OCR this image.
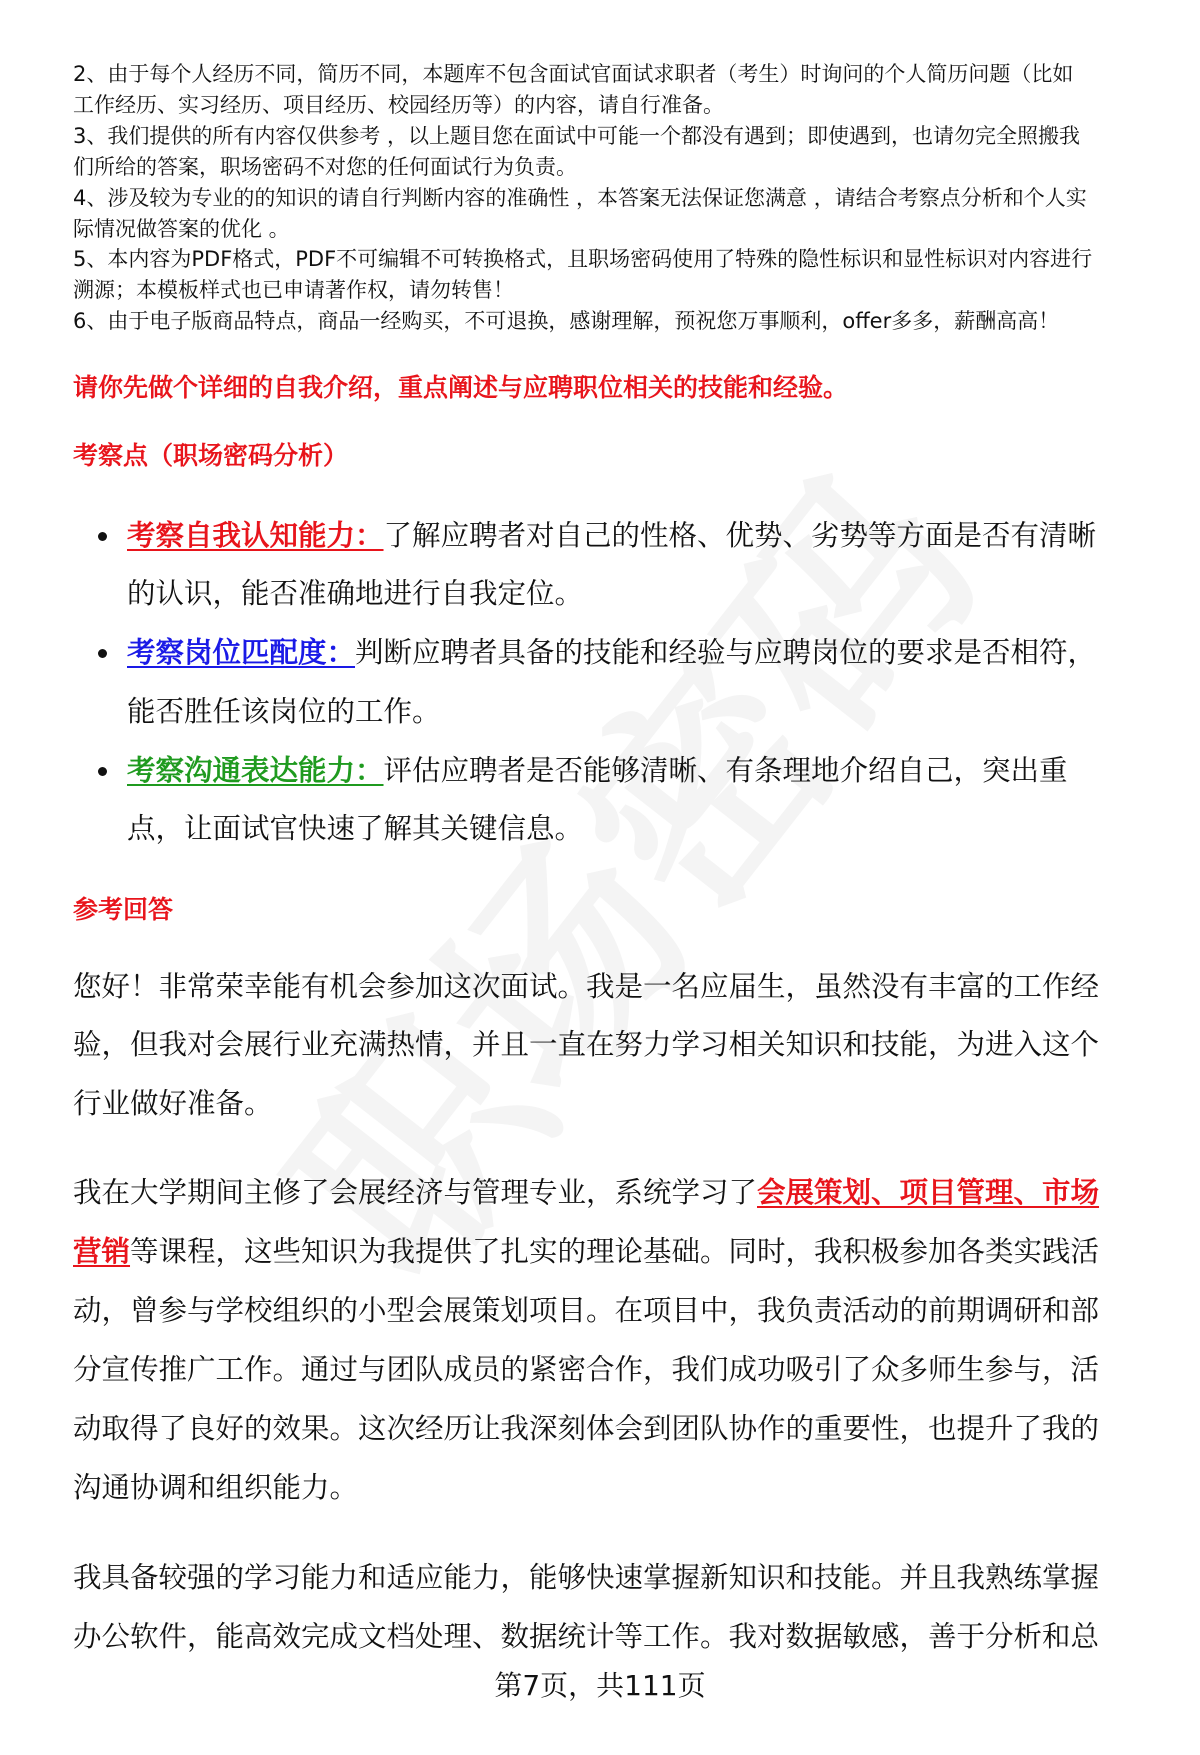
2、由于每个人经历不同，简历不同，本题库不包含面试官面试求职者（考生）时询问的个人简历问题（比如
工作经历、实习经历、项目经历、校园经历等）的内容，请自行准备。
3、我们提供的所有内容仅供参考 ，以上题目您在面试中可能一个都没有遇到；即使遇到，也请勿完全照搬我
们所给的答案，职场密码不对您的任何面试行为负责。
4、涉及较为专业的的知识的请自行判断内容的准确性 ，本答案无法保证您满意 ，请结合考察点分析和个人实
际情况做答案的优化 。
5、本内容为PDF格式，PDF不可编辑不可转换格式，且职场密码使用了特殊的隐性标识和显性标识对内容进行
溯源；本模板样式也已申请著作权，请勿转售！
6、由于电子版商品特点，商品一经购买，不可退换，感谢理解，预祝您万事顺利，offer多多，薪酬高高！
请你先做个详细的自我介绍，重点阐述与应聘职位相关的技能和经验。
考察点（职场密码分析）
考察自我认知能力：了解应聘者对自己的性格、优势、劣势等方面是否有清晰
的认识，能否准确地进行自我定位。
考察岗位匹配度：判断应聘者具备的技能和经验与应聘岗位的要求是否相符，
能否胜任该岗位的工作。
考察沟通表达能力：评估应聘者是否能够清晰、有条理地介绍自己，突出重
点，让面试官快速了解其关键信息。
参考回答
您好！非常荣幸能有机会参加这次面试。我是一名应届生，虽然没有丰富的工作经
验，但我对会展行业充满热情，并且一直在努力学习相关知识和技能，为进入这个
行业做好准备。
我在大学期间主修了会展经济与管理专业，系统学习了会展策划、项目管理、市场
营销等课程，这些知识为我提供了扎实的理论基础。同时，我积极参加各类实践活
动，曾参与学校组织的小型会展策划项目。在项目中，我负责活动的前期调研和部
分宣传推广工作。通过与团队成员的紧密合作，我们成功吸引了众多师生参与，活
动取得了良好的效果。这次经历让我深刻体会到团队协作的重要性，也提升了我的
沟通协调和组织能力。
我具备较强的学习能力和适应能力，能够快速掌握新知识和技能。并且我熟练掌握
办公软件，能高效完成文档处理、数据统计等工作。我对数据敏感，善于分析和总
第7页，共111页
